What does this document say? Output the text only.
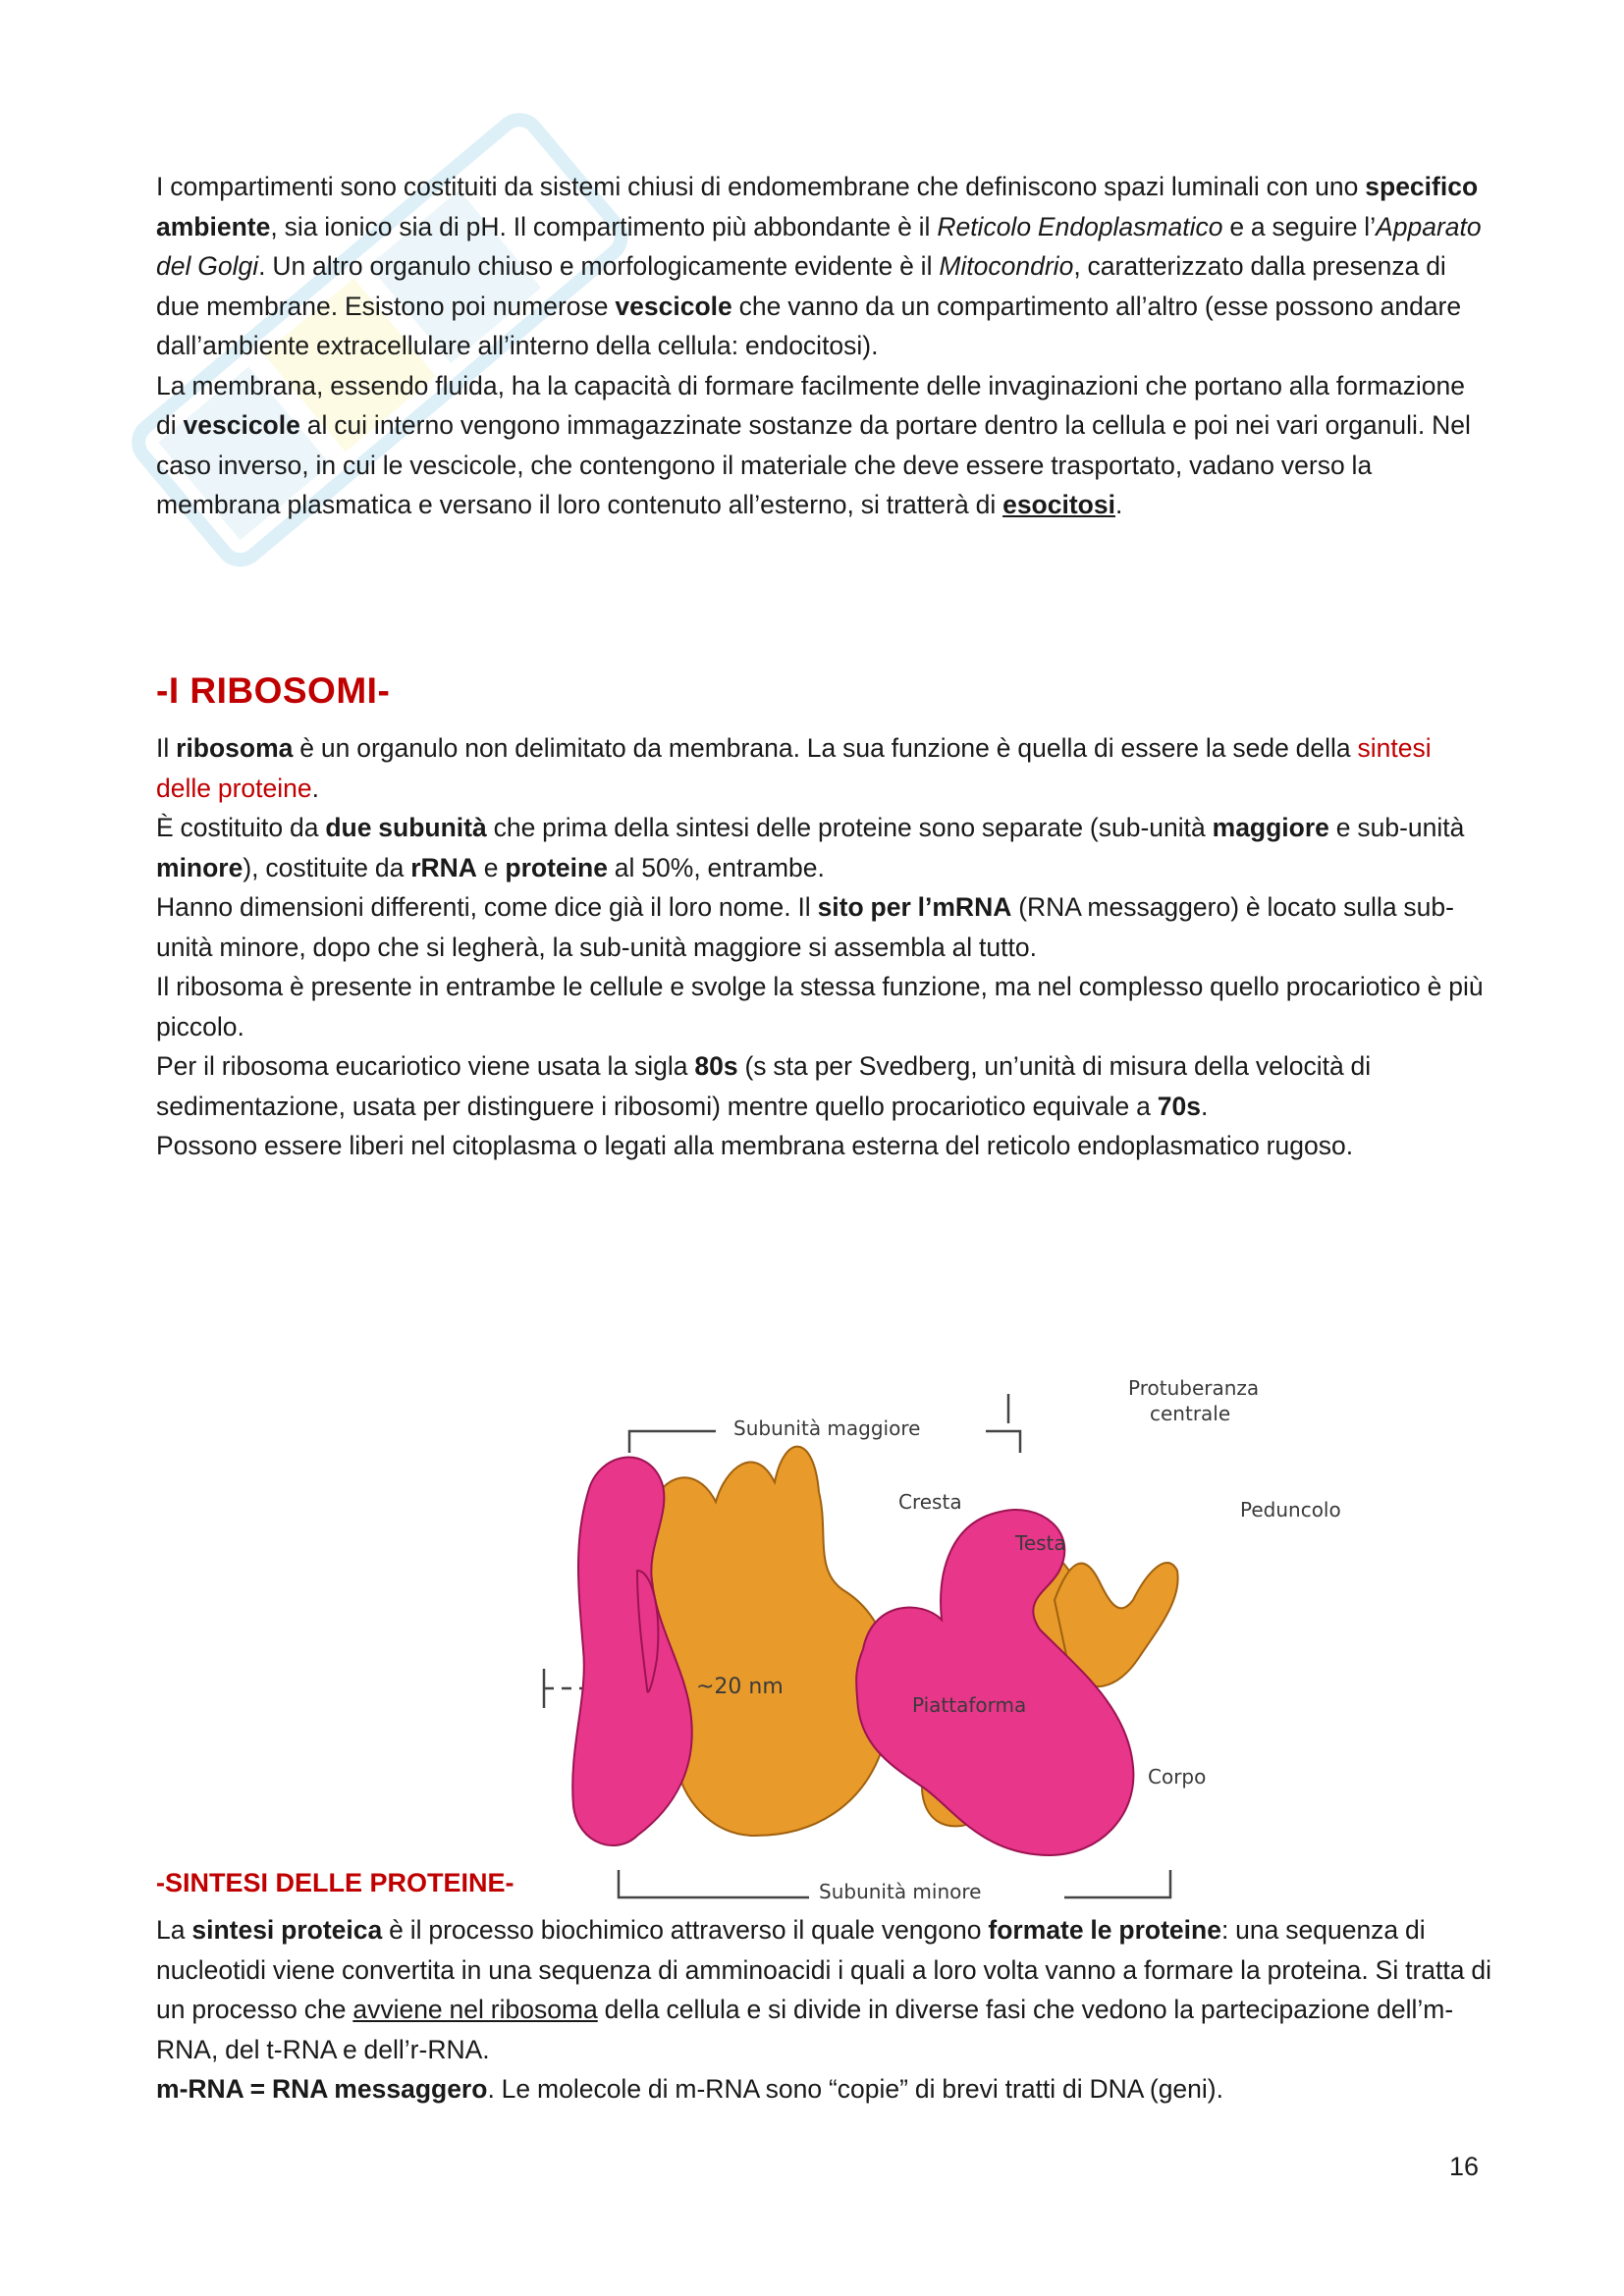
I compartimenti sono costituiti da sistemi chiusi di endomembrane che definiscono spazi luminali con uno specifico ambiente, sia ionico sia di pH. Il compartimento più abbondante è il Reticolo Endoplasmatico e a seguire l’Apparato del Golgi. Un altro organulo chiuso e morfologicamente evidente è il Mitocondrio, caratterizzato dalla presenza di due membrane. Esistono poi numerose vescicole che vanno da un compartimento all’altro (esse possono andare dall’ambiente extracellulare all’interno della cellula: endocitosi).

La membrana, essendo fluida, ha la capacità di formare facilmente delle invaginazioni che portano alla formazione di vescicole al cui interno vengono immagazzinate sostanze da portare dentro la cellula e poi nei vari organuli. Nel caso inverso, in cui le vescicole, che contengono il materiale che deve essere trasportato, vadano verso la membrana plasmatica e versano il loro contenuto all’esterno, si tratterà di esocitosi.

-I RIBOSOMI-

Il ribosoma è un organulo non delimitato da membrana. La sua funzione è quella di essere la sede della sintesi delle proteine.

È costituito da due subunità che prima della sintesi delle proteine sono separate (sub-unità maggiore e sub-unità minore), costituite da rRNA e proteine al 50%, entrambe.

Hanno dimensioni differenti, come dice già il loro nome. Il sito per l’mRNA (RNA messaggero) è locato sulla sub-unità minore, dopo che si legherà, la sub-unità maggiore si assembla al tutto.

Il ribosoma è presente in entrambe le cellule e svolge la stessa funzione, ma nel complesso quello procariotico è più piccolo.

Per il ribosoma eucariotico viene usata la sigla 80s (s sta per Svedberg, un’unità di misura della velocità di sedimentazione, usata per distinguere i ribosomi) mentre quello procariotico equivale a 70s.

Possono essere liberi nel citoplasma o legati alla membrana esterna del reticolo endoplasmatico rugoso.

Subunità maggiore
Protuberanza
centrale
Cresta
Testa
Peduncolo
~20 nm
Piattaforma
Corpo
Subunità minore
-SINTESI DELLE PROTEINE-

La sintesi proteica è il processo biochimico attraverso il quale vengono formate le proteine: una sequenza di nucleotidi viene convertita in una sequenza di amminoacidi i quali a loro volta vanno a formare la proteina. Si tratta di un processo che avviene nel ribosoma della cellula e si divide in diverse fasi che vedono la partecipazione dell’m-RNA, del t-RNA e dell’r-RNA.

m-RNA = RNA messaggero. Le molecole di m-RNA sono “copie” di brevi tratti di DNA (geni).

16
